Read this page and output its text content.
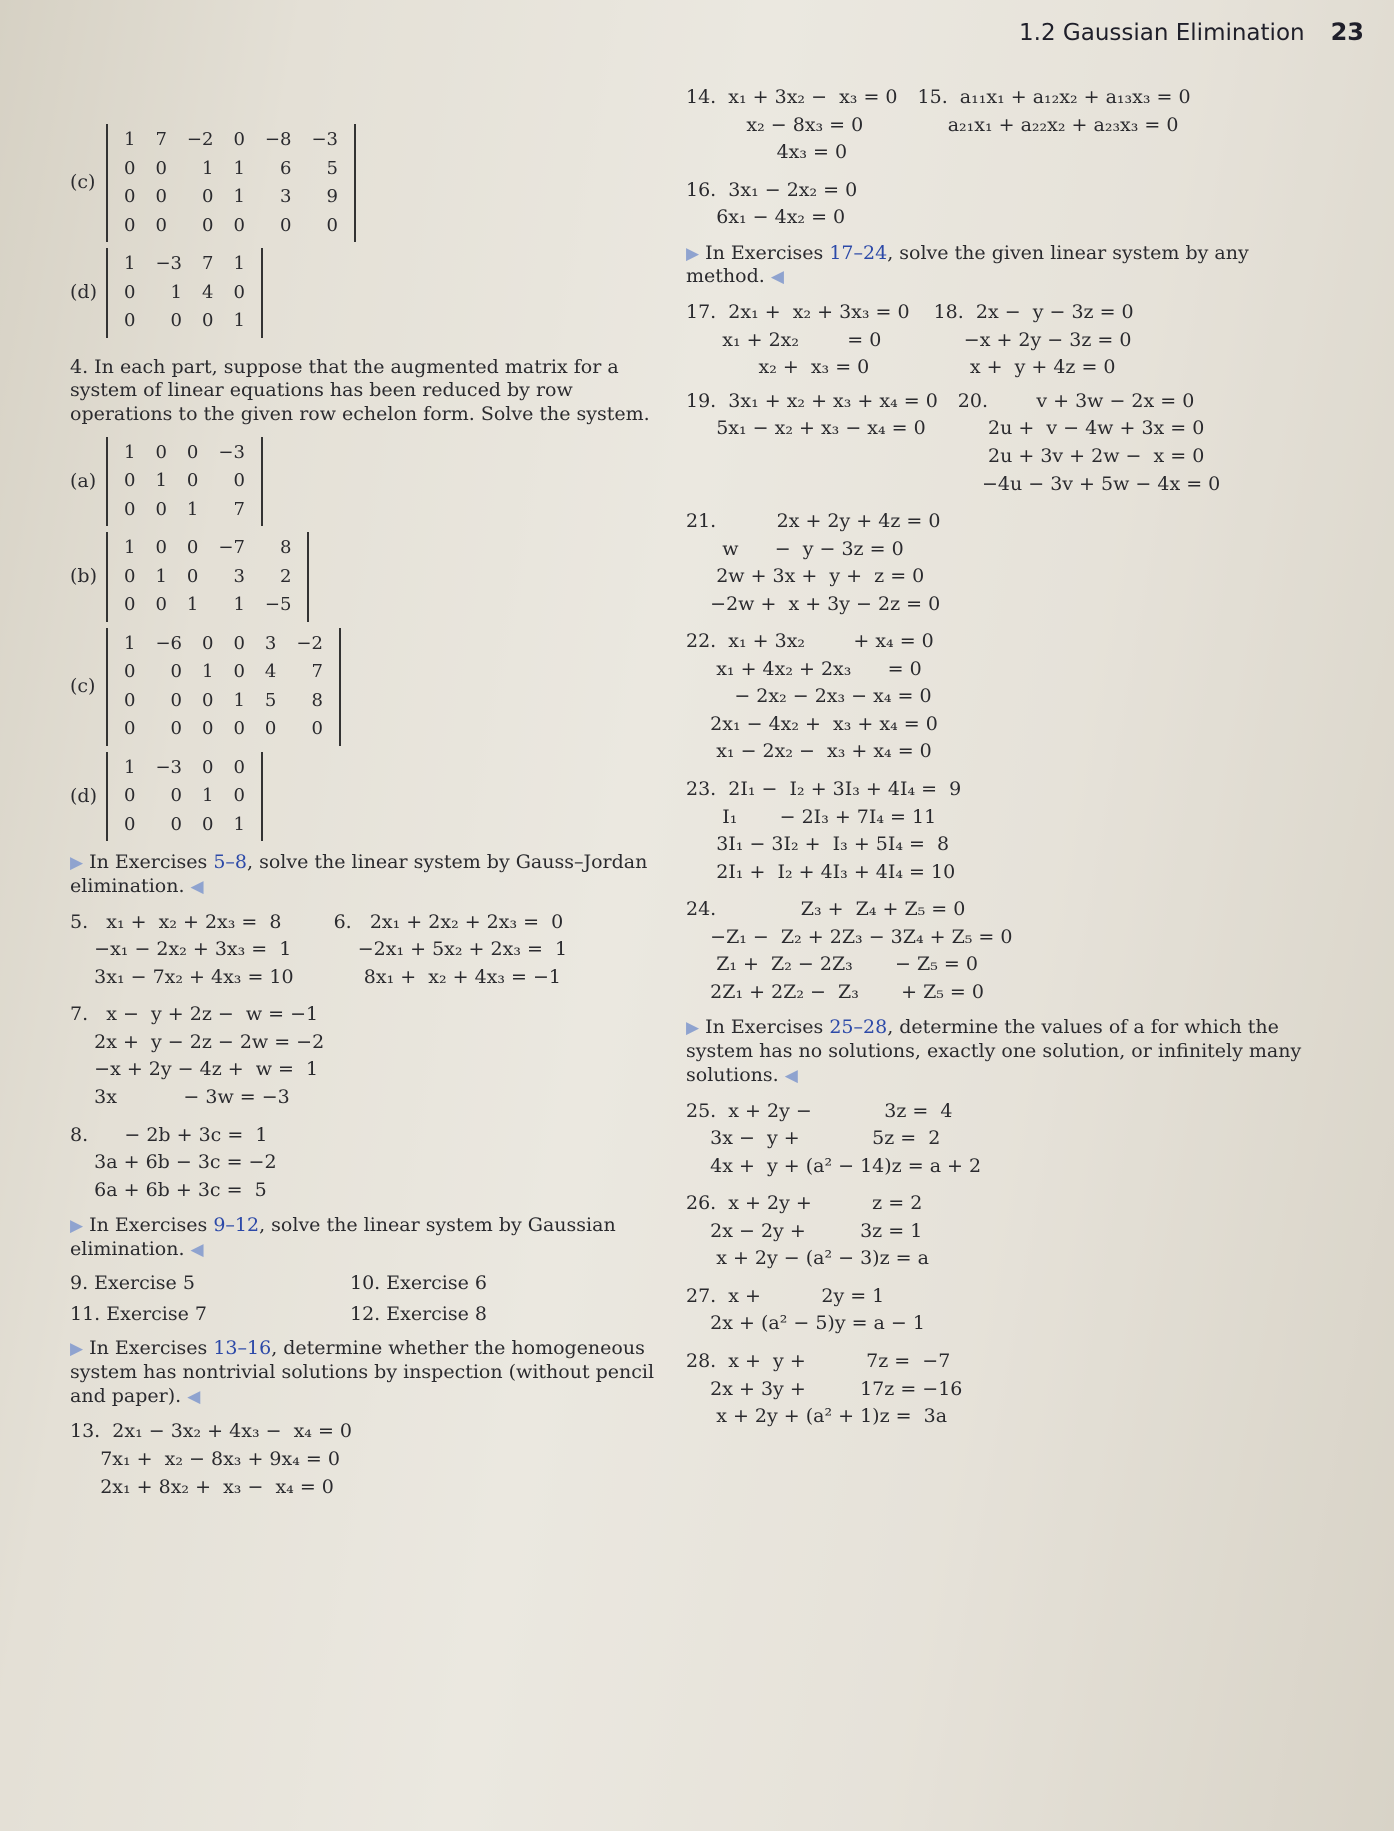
1.2 Gaussian Elimination 23
(c)
1	7	−2	0	−8	−3
0	0	1	1	6	5
0	0	0	1	3	9
0	0	0	0	0	0
(d)
1	−3	7	1
0	1	4	0
0	0	0	1
4. In each part, suppose that the augmented matrix for a system of linear equations has been reduced by row operations to the given row echelon form. Solve the system.
(a)
1	0	0	−3
0	1	0	0
0	0	1	7
(b)
1	0	0	−7	8
0	1	0	3	2
0	0	1	1	−5
(c)
1	−6	0	0	3	−2
0	0	1	0	4	7
0	0	0	1	5	8
0	0	0	0	0	0
(d)
1	−3	0	0
0	0	1	0
0	0	0	1
▶ In Exercises 5–8, solve the linear system by Gauss–Jordan elimination. ◀
5.   x₁ +  x₂ + 2x₃ =  8
−x₁ − 2x₂ + 3x₃ =  1
3x₁ − 7x₂ + 4x₃ = 10
6.   2x₁ + 2x₂ + 2x₃ =  0
−2x₁ + 5x₂ + 2x₃ =  1
8x₁ +  x₂ + 4x₃ = −1
7.   x −  y + 2z −  w = −1
2x +  y − 2z − 2w = −2
−x + 2y − 4z +  w =  1
3x           − 3w = −3
8.      − 2b + 3c =  1
3a + 6b − 3c = −2
6a + 6b + 3c =  5
▶ In Exercises 9–12, solve the linear system by Gaussian elimination. ◀
9. Exercise 5	10. Exercise 6
11. Exercise 7	12. Exercise 8
▶ In Exercises 13–16, determine whether the homogeneous system has nontrivial solutions by inspection (without pencil and paper). ◀
13.  2x₁ − 3x₂ + 4x₃ −  x₄ = 0
7x₁ +  x₂ − 8x₃ + 9x₄ = 0
2x₁ + 8x₂ +  x₃ −  x₄ = 0
14.  x₁ + 3x₂ −  x₃ = 0
x₂ − 8x₃ = 0
4x₃ = 0
15.  a₁₁x₁ + a₁₂x₂ + a₁₃x₃ = 0
a₂₁x₁ + a₂₂x₂ + a₂₃x₃ = 0
16.  3x₁ − 2x₂ = 0
6x₁ − 4x₂ = 0
▶ In Exercises 17–24, solve the given linear system by any method. ◀
17.  2x₁ +  x₂ + 3x₃ = 0
x₁ + 2x₂        = 0
x₂ +  x₃ = 0
18.  2x −  y − 3z = 0
−x + 2y − 3z = 0
x +  y + 4z = 0
19.  3x₁ + x₂ + x₃ + x₄ = 0
5x₁ − x₂ + x₃ − x₄ = 0
20.        v + 3w − 2x = 0
2u +  v − 4w + 3x = 0
2u + 3v + 2w −  x = 0
−4u − 3v + 5w − 4x = 0
21.          2x + 2y + 4z = 0
w      −  y − 3z = 0
2w + 3x +  y +  z = 0
−2w +  x + 3y − 2z = 0
22.  x₁ + 3x₂        + x₄ = 0
x₁ + 4x₂ + 2x₃      = 0
− 2x₂ − 2x₃ − x₄ = 0
2x₁ − 4x₂ +  x₃ + x₄ = 0
x₁ − 2x₂ −  x₃ + x₄ = 0
23.  2I₁ −  I₂ + 3I₃ + 4I₄ =  9
I₁       − 2I₃ + 7I₄ = 11
3I₁ − 3I₂ +  I₃ + 5I₄ =  8
2I₁ +  I₂ + 4I₃ + 4I₄ = 10
24.              Z₃ +  Z₄ + Z₅ = 0
−Z₁ −  Z₂ + 2Z₃ − 3Z₄ + Z₅ = 0
Z₁ +  Z₂ − 2Z₃       − Z₅ = 0
2Z₁ + 2Z₂ −  Z₃       + Z₅ = 0
▶ In Exercises 25–28, determine the values of a for which the system has no solutions, exactly one solution, or infinitely many solutions. ◀
25.  x + 2y −            3z =  4
3x −  y +            5z =  2
4x +  y + (a² − 14)z = a + 2
26.  x + 2y +          z = 2
2x − 2y +         3z = 1
x + 2y − (a² − 3)z = a
27.  x +          2y = 1
2x + (a² − 5)y = a − 1
28.  x +  y +          7z =  −7
2x + 3y +         17z = −16
x + 2y + (a² + 1)z =  3a
